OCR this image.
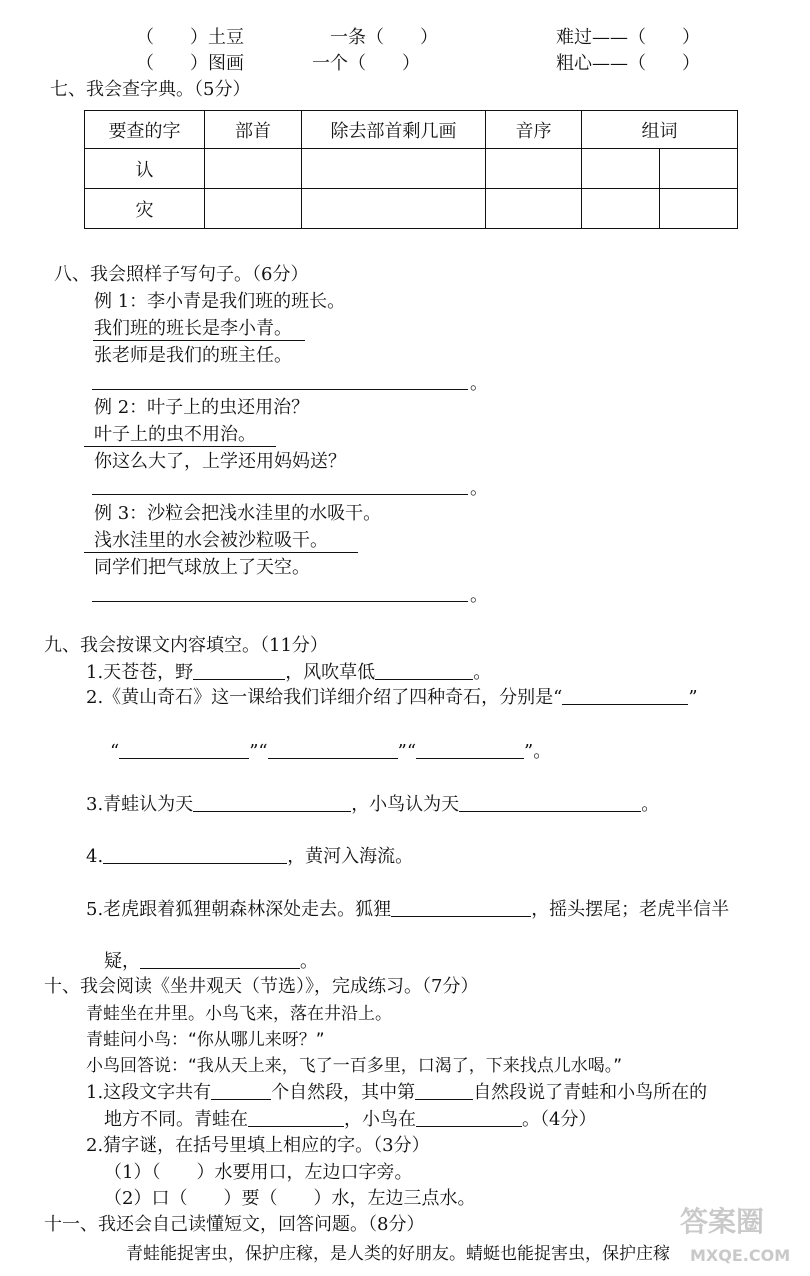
（　　）土豆	一条（　　）	难过——（　　）
（　　）图画	一个（　　）	粗心——（　　）
七、我会查字典。（5分）
要查的字	部首	除去部首剩几画	音序	组词	
认					
灾					
八、我会照样子写句子。（6分）
例 1：李小青是我们班的班长。
我们班的班长是李小青。
张老师是我们的班主任。
。
例 2：叶子上的虫还用治？
叶子上的虫不用治。
你这么大了，上学还用妈妈送？
。
例 3：沙粒会把浅水洼里的水吸干。
浅水洼里的水会被沙粒吸干。
同学们把气球放上了天空。
。
九、我会按课文内容填空。（11分）
1.天苍苍，野	，风吹草低	。
2.《黄山奇石》这一课给我们详细介绍了四种奇石，分别是“	”
“	”“	”“	”。
3.青蛙认为天	，小鸟认为天	。
4.	，黄河入海流。
5.老虎跟着狐狸朝森林深处走去。狐狸	，摇头摆尾；老虎半信半
疑，	。
十、我会阅读《坐井观天（节选）》，完成练习。（7分）
青蛙坐在井里。小鸟飞来，落在井沿上。
青蛙问小鸟：“你从哪儿来呀？”
小鸟回答说：“我从天上来，飞了一百多里，口渴了，下来找点儿水喝。”
1.这段文字共有	个自然段，其中第	自然段说了青蛙和小鸟所在的
地方不同。青蛙在	，小鸟在	。（4分）
2.猜字谜，在括号里填上相应的字。（3分）
（1）（　　）水要用口，左边口字旁。
（2）口（　　）要（　　）水，左边三点水。
十一、我还会自己读懂短文，回答问题。（8分）
青蛙能捉害虫，保护庄稼，是人类的好朋友。蜻蜓也能捉害虫，保护庄稼
答案圈
MXQE.COM
